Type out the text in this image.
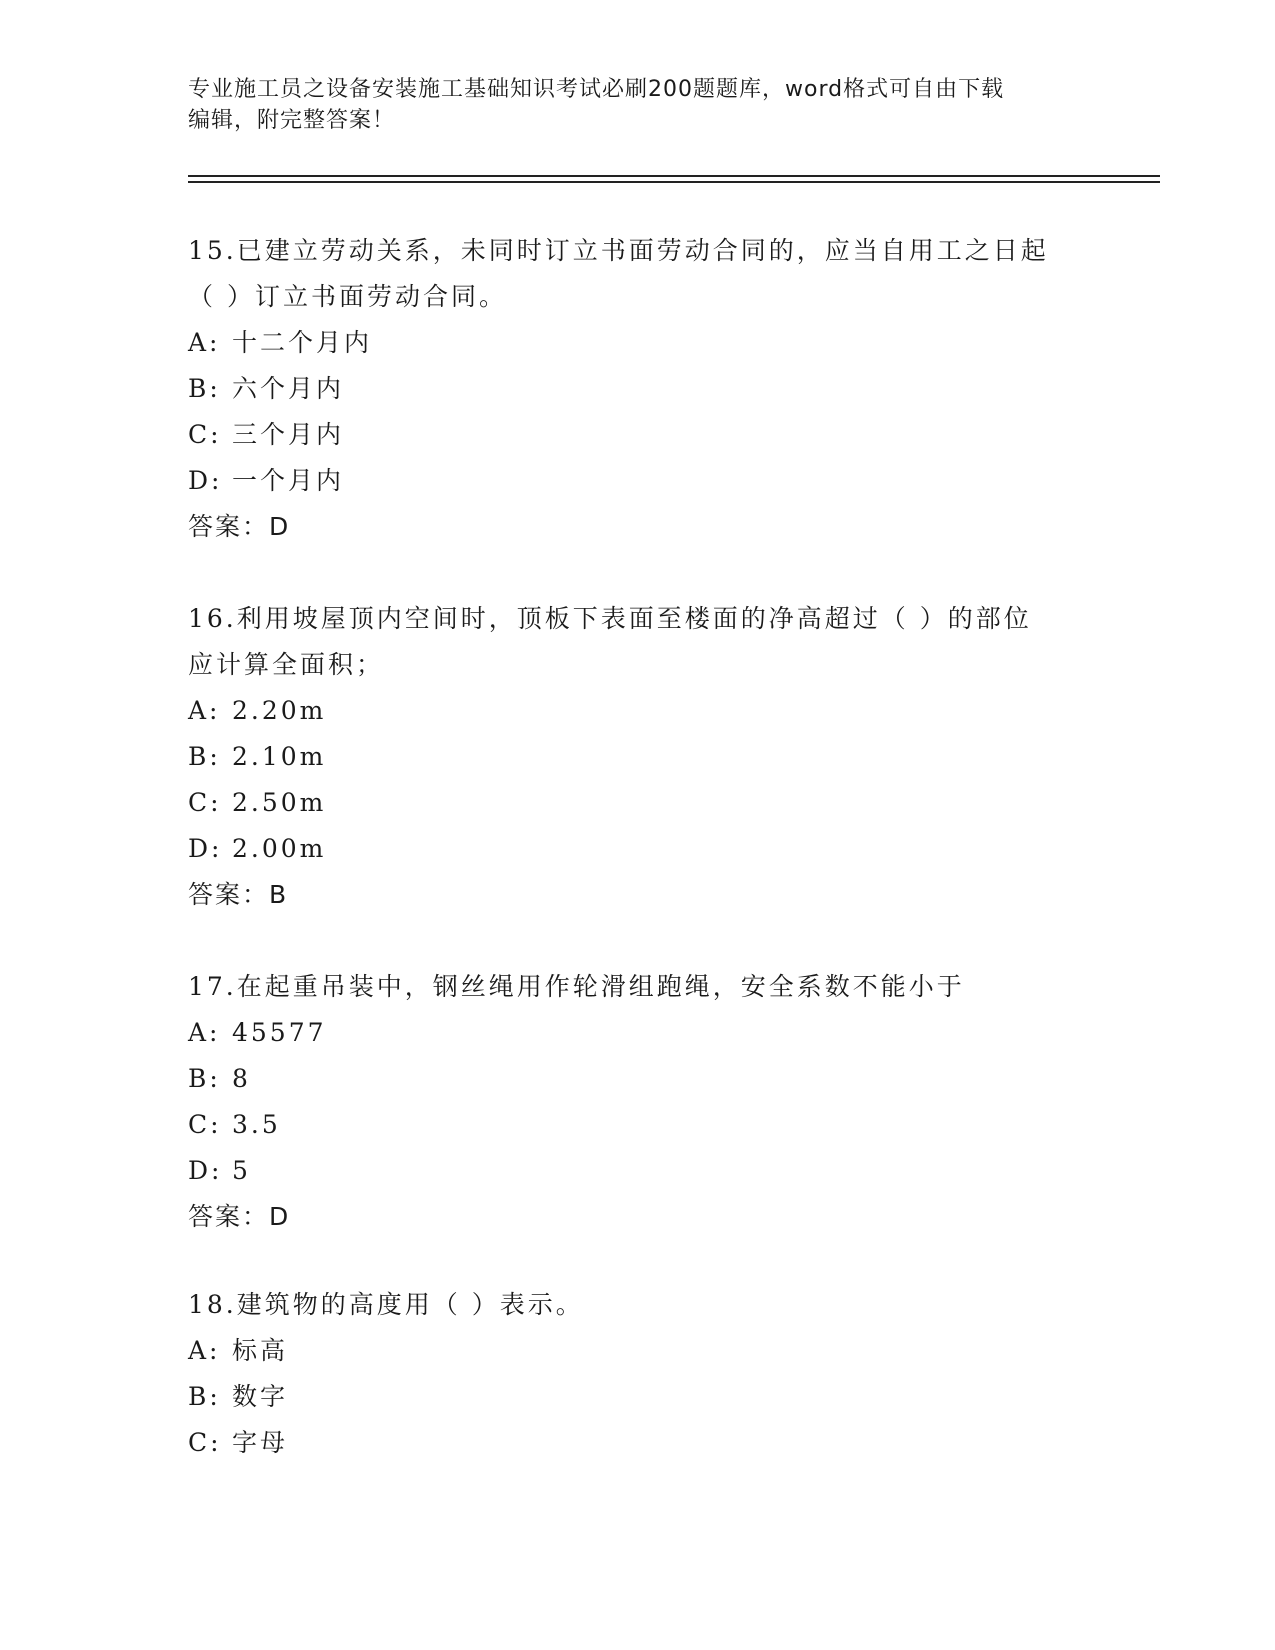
专业施工员之设备安装施工基础知识考试必刷200题题库，word格式可自由下载
编辑，附完整答案！
15.已建立劳动关系，未同时订立书面劳动合同的，应当自用工之日起
（ ）订立书面劳动合同。
A: 十二个月内
B: 六个月内
C: 三个月内
D: 一个月内
答案：D
16.利用坡屋顶内空间时，顶板下表面至楼面的净高超过（ ）的部位
应计算全面积；
A: 2.20m
B: 2.10m
C: 2.50m
D: 2.00m
答案：B
17.在起重吊装中，钢丝绳用作轮滑组跑绳，安全系数不能小于
A: 45577
B: 8
C: 3.5
D: 5
答案：D
18.建筑物的高度用（ ）表示。
A: 标高
B: 数字
C: 字母
